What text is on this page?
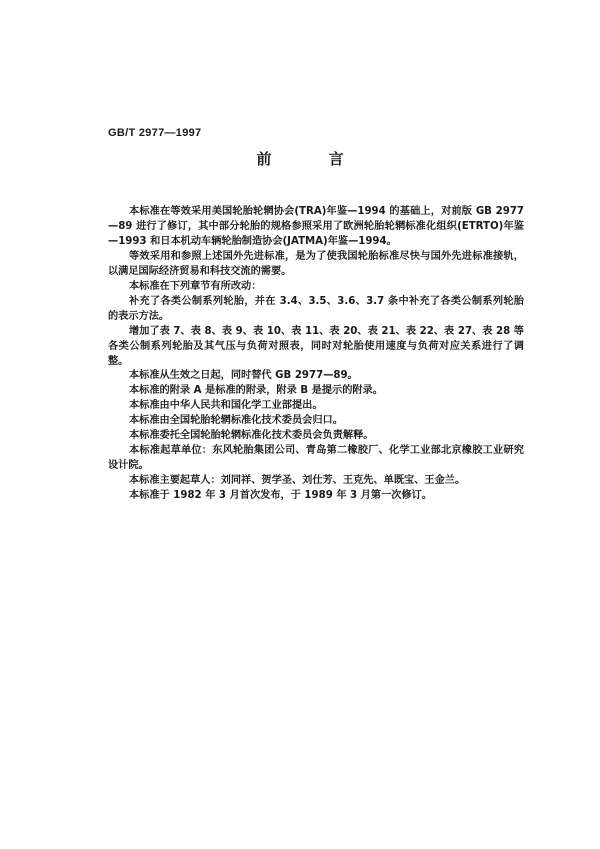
GB/T 2977—1997
前 言

本标准在等效采用美国轮胎轮辋协会(TRA)年鉴—1994 的基础上，对前版 GB 2977—89 进行了修订，其中部分轮胎的规格参照采用了欧洲轮胎轮辋标准化组织(ETRTO)年鉴—1993 和日本机动车辆轮胎制造协会(JATMA)年鉴—1994。

等效采用和参照上述国外先进标准，是为了使我国轮胎标准尽快与国外先进标准接轨，以满足国际经济贸易和科技交流的需要。

本标准在下列章节有所改动：

补充了各类公制系列轮胎，并在 3.4、3.5、3.6、3.7 条中补充了各类公制系列轮胎的表示方法。

增加了表 7、表 8、表 9、表 10、表 11、表 20、表 21、表 22、表 27、表 28 等各类公制系列轮胎及其气压与负荷对照表，同时对轮胎使用速度与负荷对应关系进行了调整。

本标准从生效之日起，同时替代 GB 2977—89。

本标准的附录 A 是标准的附录，附录 B 是提示的附录。

本标准由中华人民共和国化学工业部提出。

本标准由全国轮胎轮辋标准化技术委员会归口。

本标准委托全国轮胎轮辋标准化技术委员会负责解释。

本标准起草单位：东风轮胎集团公司、青岛第二橡胶厂、化学工业部北京橡胶工业研究设计院。

本标准主要起草人：刘同祥、贺学圣、刘仕芳、王克先、单既宝、王金兰。

本标准于 1982 年 3 月首次发布，于 1989 年 3 月第一次修订。
